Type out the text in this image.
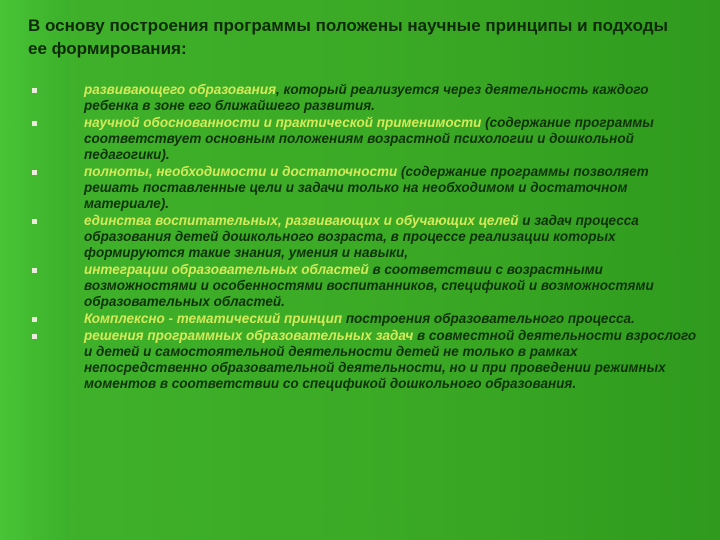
В основу построения программы положены научные принципы и подходы ее формирования:
развивающего образования, который реализуется через деятельность каждого ребенка в зоне его ближайшего развития.
научной обоснованности и практической применимости (содержание программы соответствует основным положениям возрастной психологии и дошкольной педагогики).
полноты, необходимости и достаточности (содержание программы позволяет решать поставленные цели и задачи только на необходимом и достаточном материале).
единства воспитательных, развивающих и обучающих целей и задач процесса образования детей дошкольного возраста, в процессе реализации которых формируются такие знания, умения и навыки,
интеграции образовательных областей в соответствии с возрастными возможностями и особенностями воспитанников, спецификой и возможностями образовательных областей.
Комплексно - тематический принцип построения образовательного процесса.
решения программных образовательных задач в совместной деятельности взрослого и детей и самостоятельной деятельности детей не только в рамках непосредственно образовательной деятельности, но и при проведении режимных моментов в соответствии со спецификой дошкольного образования.
